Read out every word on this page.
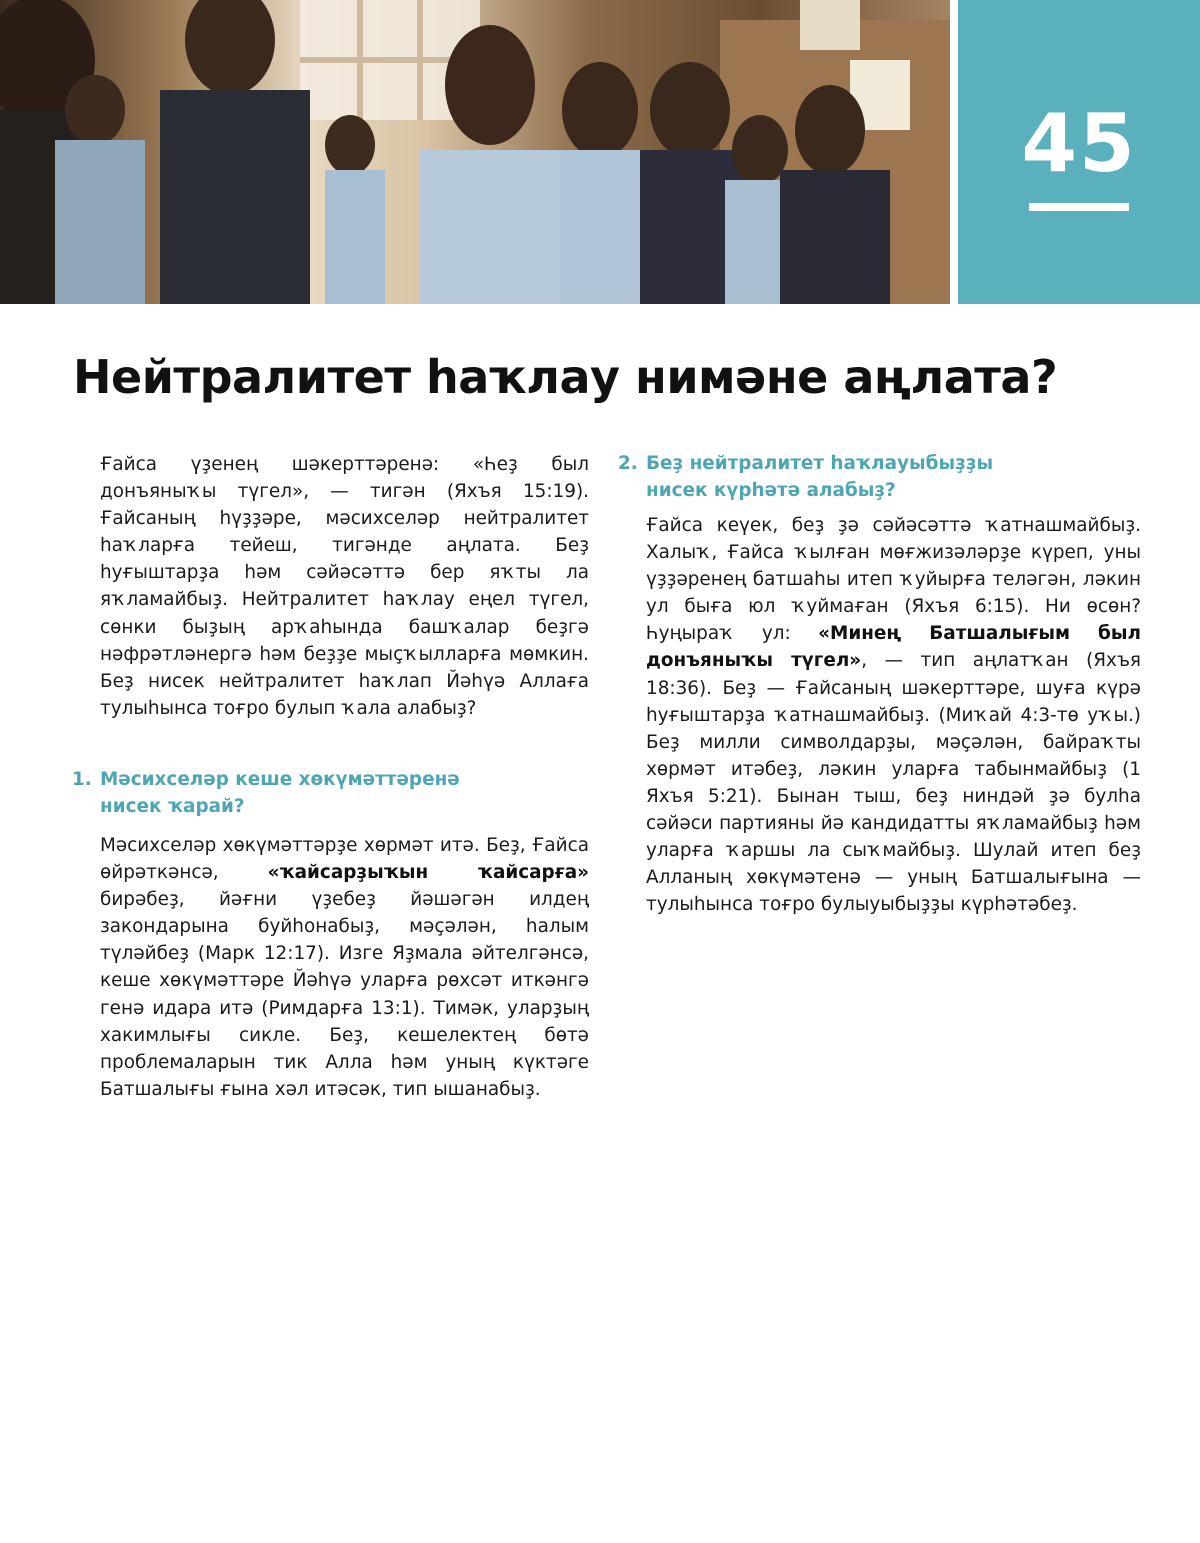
45
Нейтралитет һаҡлау нимәне аңлата?

Ғайса үҙенең шәкерттәренә: «Һеҙ был донъяныҡы түгел», — тигән (Яхъя 15:19). Ғайсаның һүҙҙәре, мәсихселәр нейтралитет һаҡларға тейеш, тигәнде аңлата. Беҙ һуғыштарҙа һәм сәйәсәттә бер яҡты ла яҡламайбыҙ. Нейтралитет һаҡлау еңел түгел, сөнки быҙың арҡаһында башҡалар беҙгә нәфрәтләнергә һәм беҙҙе мыҫҡылларға мөмкин. Беҙ нисек нейтралитет һаҡлап Йәһүә Аллаға тулыһынса тоғро булып ҡала алабыҙ?

1. Мәсихселәр кеше хөкүмәттәренә
нисек ҡарай?

Мәсихселәр хөкүмәттәрҙе хөрмәт итә. Беҙ, Ғайса өйрәткәнсә, «ҡайсарҙыҡын ҡайсарға» бирәбеҙ, йәғни үҙебеҙ йәшәгән илдең закондарына буйһонабыҙ, мәҫәлән, һалым түләйбеҙ (Марк 12:17). Изге Яҙмала әйтелгәнсә, кеше хөкүмәттәре Йәһүә уларға рөхсәт иткәнгә генә идара итә (Римдарға 13:1). Тимәк, уларҙың хакимлығы сикле. Беҙ, кешелектең бөтә проблемаларын тик Алла һәм уның күктәге Батшалығы ғына хәл итәсәк, тип ышанабыҙ.

2. Беҙ нейтралитет һаҡлауыбыҙҙы
нисек күрһәтә алабыҙ?

Ғайса кеүек, беҙ ҙә сәйәсәттә ҡатнашмайбыҙ. Халыҡ, Ғайса ҡылған мөғжизәләрҙе күреп, уны үҙҙәренең батшаһы итеп ҡуйырға теләгән, ләкин ул быға юл ҡуймаған (Яхъя 6:15). Ни өсөн? Һуңыраҡ ул: «Минең Батшалығым был донъяныҡы түгел», — тип аңлатҡан (Яхъя 18:36). Беҙ — Ғайсаның шәкерттәре, шуға күрә һуғыштарҙа ҡатнашмайбыҙ. (Миҡай 4:3-тө уҡы.) Беҙ милли символдарҙы, мәҫәлән, байраҡты хөрмәт итәбеҙ, ләкин уларға табынмайбыҙ (1 Яхъя 5:21). Бынан тыш, беҙ ниндәй ҙә булһа сәйәси партияны йә кандидатты яҡламайбыҙ һәм уларға ҡаршы ла сыҡмайбыҙ. Шулай итеп беҙ Алланың хөкүмәтенә — уның Батшалығына — тулыһынса тоғро булыуыбыҙҙы күрһәтәбеҙ.
